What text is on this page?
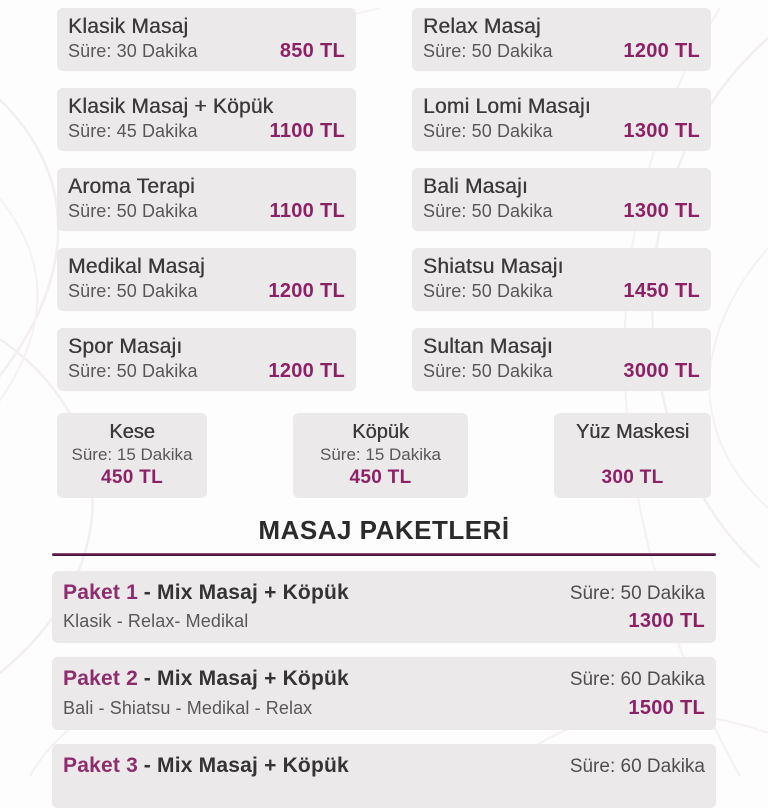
Klasik Masaj
Süre: 30 Dakika	850 TL
Klasik Masaj + Köpük
Süre: 45 Dakika	1100 TL
Aroma Terapi
Süre: 50 Dakika	1100 TL
Medikal Masaj
Süre: 50 Dakika	1200 TL
Spor Masajı
Süre: 50 Dakika	1200 TL
Relax Masaj
Süre: 50 Dakika	1200 TL
Lomi Lomi Masajı
Süre: 50 Dakika	1300 TL
Bali Masajı
Süre: 50 Dakika	1300 TL
Shiatsu Masajı
Süre: 50 Dakika	1450 TL
Sultan Masajı
Süre: 50 Dakika	3000 TL
Kese
Süre: 15 Dakika
450 TL
Köpük
Süre: 15 Dakika
450 TL
Yüz Maskesi
300 TL
MASAJ PAKETLERİ
Paket 1 - Mix Masaj + Köpük	Süre: 50 Dakika
Klasik - Relax- Medikal	1300 TL
Paket 2 - Mix Masaj + Köpük	Süre: 60 Dakika
Bali - Shiatsu - Medikal - Relax	1500 TL
Paket 3 - Mix Masaj + Köpük	Süre: 60 Dakika
